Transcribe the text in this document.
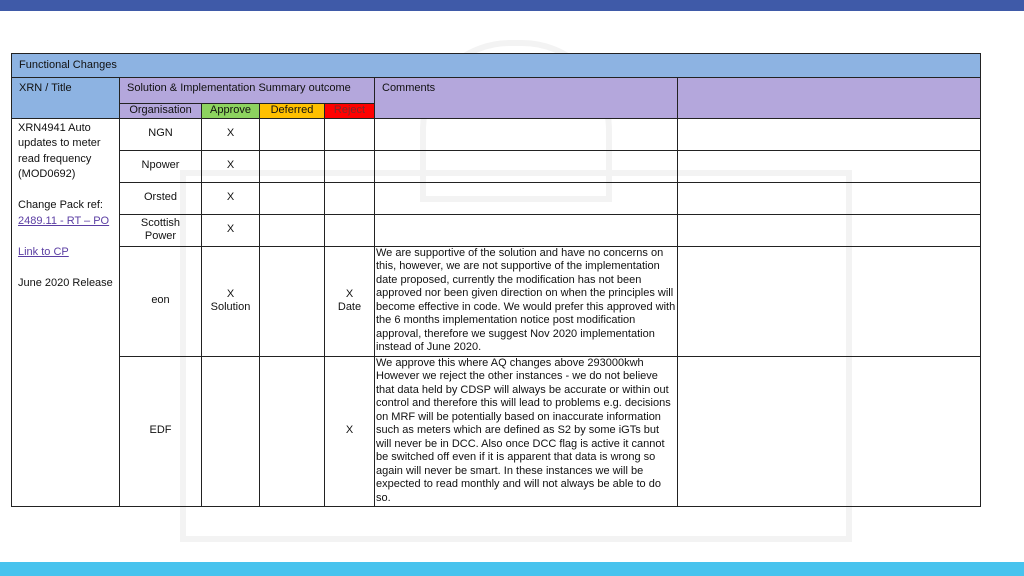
Functional Changes						
XRN / Title	Solution & Implementation Summary outcome				Comments	
	Organisation	Approve	Deferred	Reject		

XRN4941 Auto updates to meter read frequency (MOD0692)

Change Pack ref:
2489.11 - RT – PO

Link to CP

June 2020 Release	NGN	X				
	Npower	X				
	Orsted	X				
	Scottish Power	X				
	eon	X Solution		X Date	We are supportive of the solution and have no concerns on this, however, we are not supportive of the implementation date proposed, currently the modification has not been approved nor been given direction on when the principles will become effective in code. We would prefer this approved with the 6 months implementation notice post modification approval, therefore we suggest Nov 2020 implementation instead of June 2020.	
	EDF			X	We approve this where AQ changes above 293000kwh However we reject the other instances - we do not believe that data held by CDSP will always be accurate or within out control and therefore this will lead to problems e.g. decisions on MRF will be potentially based on inaccurate information such as meters which are defined as S2 by some iGTs but will never be in DCC. Also once DCC flag is active it cannot be switched off even if it is apparent that data is wrong so again will never be smart. In these instances we will be expected to read monthly and will not always be able to do so.	
